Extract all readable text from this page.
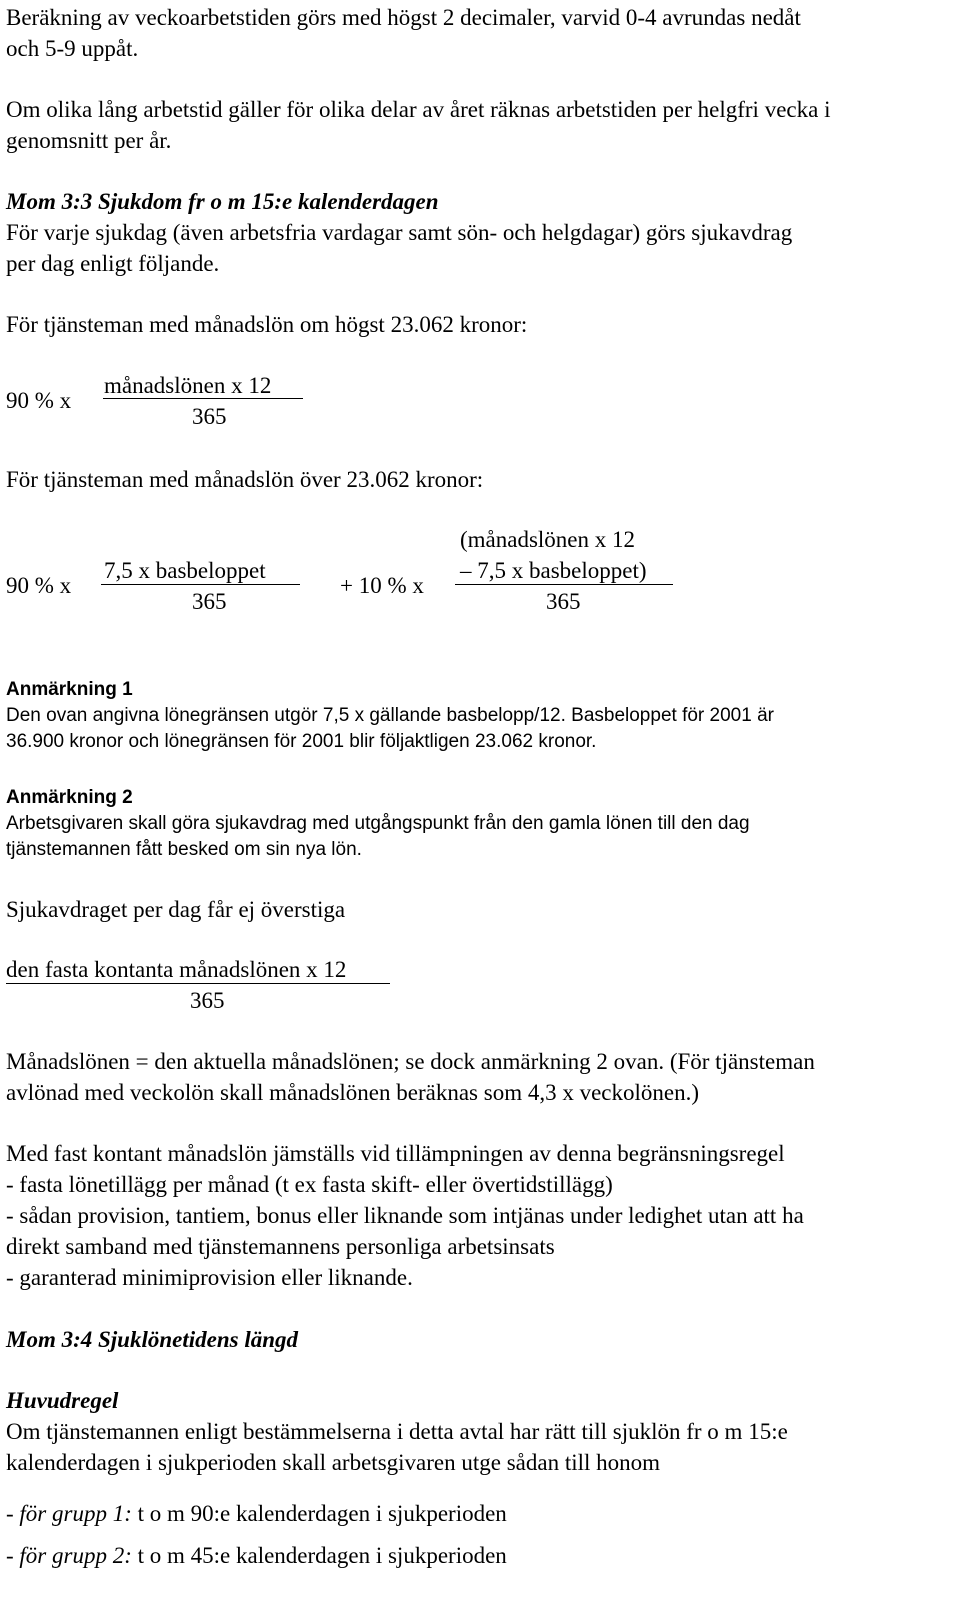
Beräkning av veckoarbetstiden görs med högst 2 decimaler, varvid 0-4 avrundas nedåt
och 5-9 uppåt.
Om olika lång arbetstid gäller för olika delar av året räknas arbetstiden per helgfri vecka i
genomsnitt per år.
Mom 3:3 Sjukdom fr o m 15:e kalenderdagen
För varje sjukdag (även arbetsfria vardagar samt sön- och helgdagar) görs sjukavdrag
per dag enligt följande.
För tjänsteman med månadslön om högst 23.062 kronor:
90 % x
månadslönen x 12
365
För tjänsteman med månadslön över 23.062 kronor:
90 % x
7,5 x basbeloppet
365
+ 10 % x
(månadslönen x 12
– 7,5 x basbeloppet)
365
Anmärkning 1
Den ovan angivna lönegränsen utgör 7,5 x gällande basbelopp/12. Basbeloppet för 2001 är
36.900 kronor och lönegränsen för 2001 blir följaktligen 23.062 kronor.
Anmärkning 2
Arbetsgivaren skall göra sjukavdrag med utgångspunkt från den gamla lönen till den dag
tjänstemannen fått besked om sin nya lön.
Sjukavdraget per dag får ej överstiga
den fasta kontanta månadslönen x 12
365
Månadslönen = den aktuella månadslönen; se dock anmärkning 2 ovan. (För tjänsteman
avlönad med veckolön skall månadslönen beräknas som 4,3 x veckolönen.)
Med fast kontant månadslön jämställs vid tillämpningen av denna begränsningsregel
- fasta lönetillägg per månad (t ex fasta skift- eller övertidstillägg)
- sådan provision, tantiem, bonus eller liknande som intjänas under ledighet utan att ha
direkt samband med tjänstemannens personliga arbetsinsats
- garanterad minimiprovision eller liknande.
Mom 3:4 Sjuklönetidens längd
Huvudregel
Om tjänstemannen enligt bestämmelserna i detta avtal har rätt till sjuklön fr o m 15:e
kalenderdagen i sjukperioden skall arbetsgivaren utge sådan till honom
- för grupp 1: t o m 90:e kalenderdagen i sjukperioden
- för grupp 2: t o m 45:e kalenderdagen i sjukperioden
